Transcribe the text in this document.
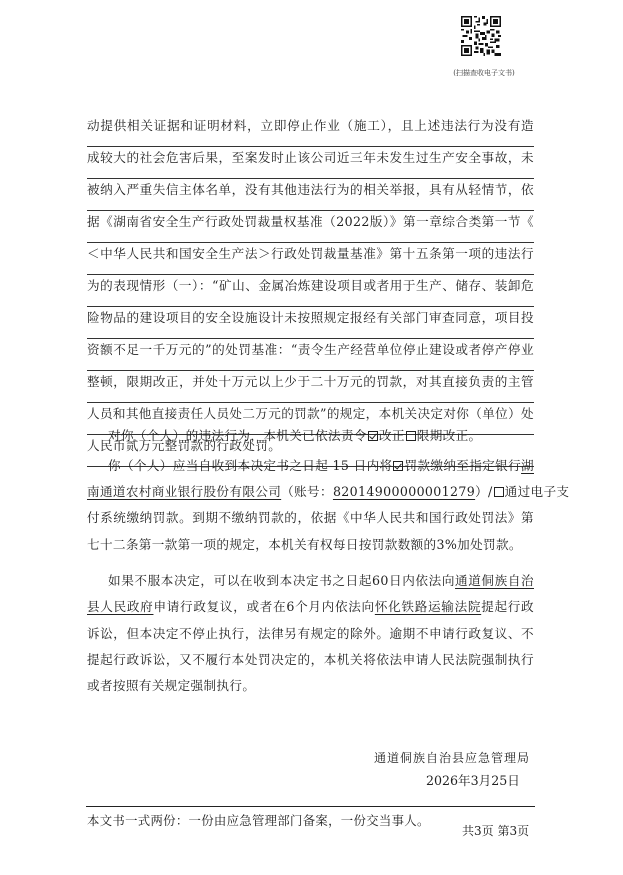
(扫描查收电子文书)
动提供相关证据和证明材料，立即停止作业（施工），且上述违法行为没有造
成较大的社会危害后果，至案发时止该公司近三年未发生过生产安全事故，未
被纳入严重失信主体名单，没有其他违法行为的相关举报，具有从轻情节，依
据《湖南省安全生产行政处罚裁量权基准（2022版）》第一章综合类第一节《
＜中华人民共和国安全生产法＞行政处罚裁量基准》第十五条第一项的违法行
为的表现情形（一）：“矿山、金属冶炼建设项目或者用于生产、储存、装卸危
险物品的建设项目的安全设施设计未按照规定报经有关部门审查同意，项目投
资额不足一千万元的”的处罚基准：“责令生产经营单位停止建设或者停产停业
整顿，限期改正，并处十万元以上少于二十万元的罚款，对其直接负责的主管
人员和其他直接责任人员处二万元的罚款”的规定，本机关决定对你（单位）处
人民币贰万元整罚款的行政处罚。
对你（个人）的违法行为，本机关已依法责令 改正 限期改正。
你（个人）应当自收到本决定书之日起 15 日内将 罚款缴纳至指定银行湖
南通道农村商业银行股份有限公司（账号：82014900000001279）/ 通过电子支
付系统缴纳罚款。到期不缴纳罚款的，依据《中华人民共和国行政处罚法》第
七十二条第一款第一项的规定，本机关有权每日按罚款数额的3%加处罚款。
如果不服本决定，可以在收到本决定书之日起60日内依法向通道侗族自治
县人民政府申请行政复议，或者在6个月内依法向怀化铁路运输法院提起行政
诉讼，但本决定不停止执行，法律另有规定的除外。逾期不申请行政复议、不
提起行政诉讼，又不履行本处罚决定的，本机关将依法申请人民法院强制执行
或者按照有关规定强制执行。
通道侗族自治县应急管理局
2026年3月25日
本文书一式两份：一份由应急管理部门备案，一份交当事人。
共3页 第3页
